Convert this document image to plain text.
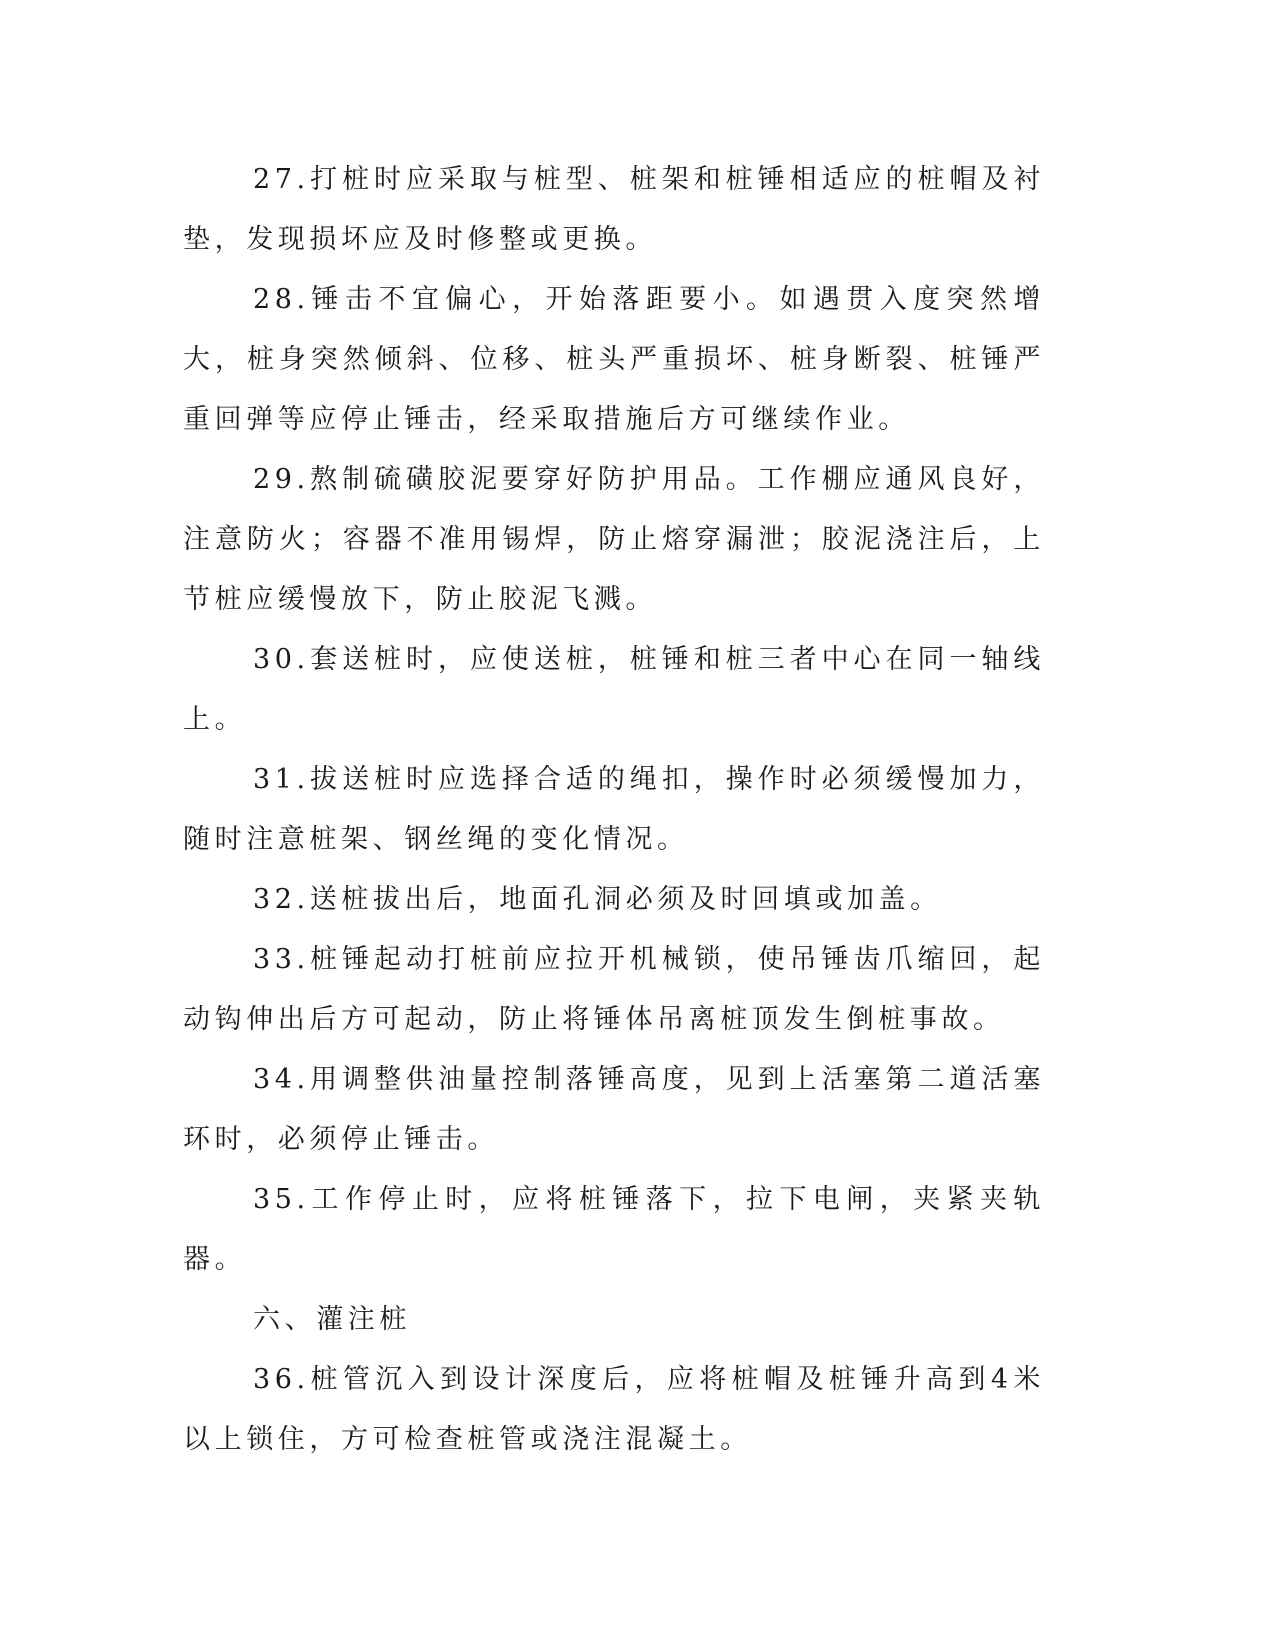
27.打桩时应采取与桩型、桩架和桩锤相适应的桩帽及衬垫，发现损坏应及时修整或更换。

28.锤击不宜偏心，开始落距要小。如遇贯入度突然增大，桩身突然倾斜、位移、桩头严重损坏、桩身断裂、桩锤严重回弹等应停止锤击，经采取措施后方可继续作业。

29.熬制硫磺胶泥要穿好防护用品。工作棚应通风良好，注意防火；容器不准用锡焊，防止熔穿漏泄；胶泥浇注后，上节桩应缓慢放下，防止胶泥飞溅。

30.套送桩时，应使送桩，桩锤和桩三者中心在同一轴线上。

31.拔送桩时应选择合适的绳扣，操作时必须缓慢加力，随时注意桩架、钢丝绳的变化情况。

32.送桩拔出后，地面孔洞必须及时回填或加盖。

33.桩锤起动打桩前应拉开机械锁，使吊锤齿爪缩回，起动钩伸出后方可起动，防止将锤体吊离桩顶发生倒桩事故。

34.用调整供油量控制落锤高度，见到上活塞第二道活塞环时，必须停止锤击。

35.工作停止时，应将桩锤落下，拉下电闸，夹紧夹轨器。

六、灌注桩

36.桩管沉入到设计深度后，应将桩帽及桩锤升高到4米以上锁住，方可检查桩管或浇注混凝土。
